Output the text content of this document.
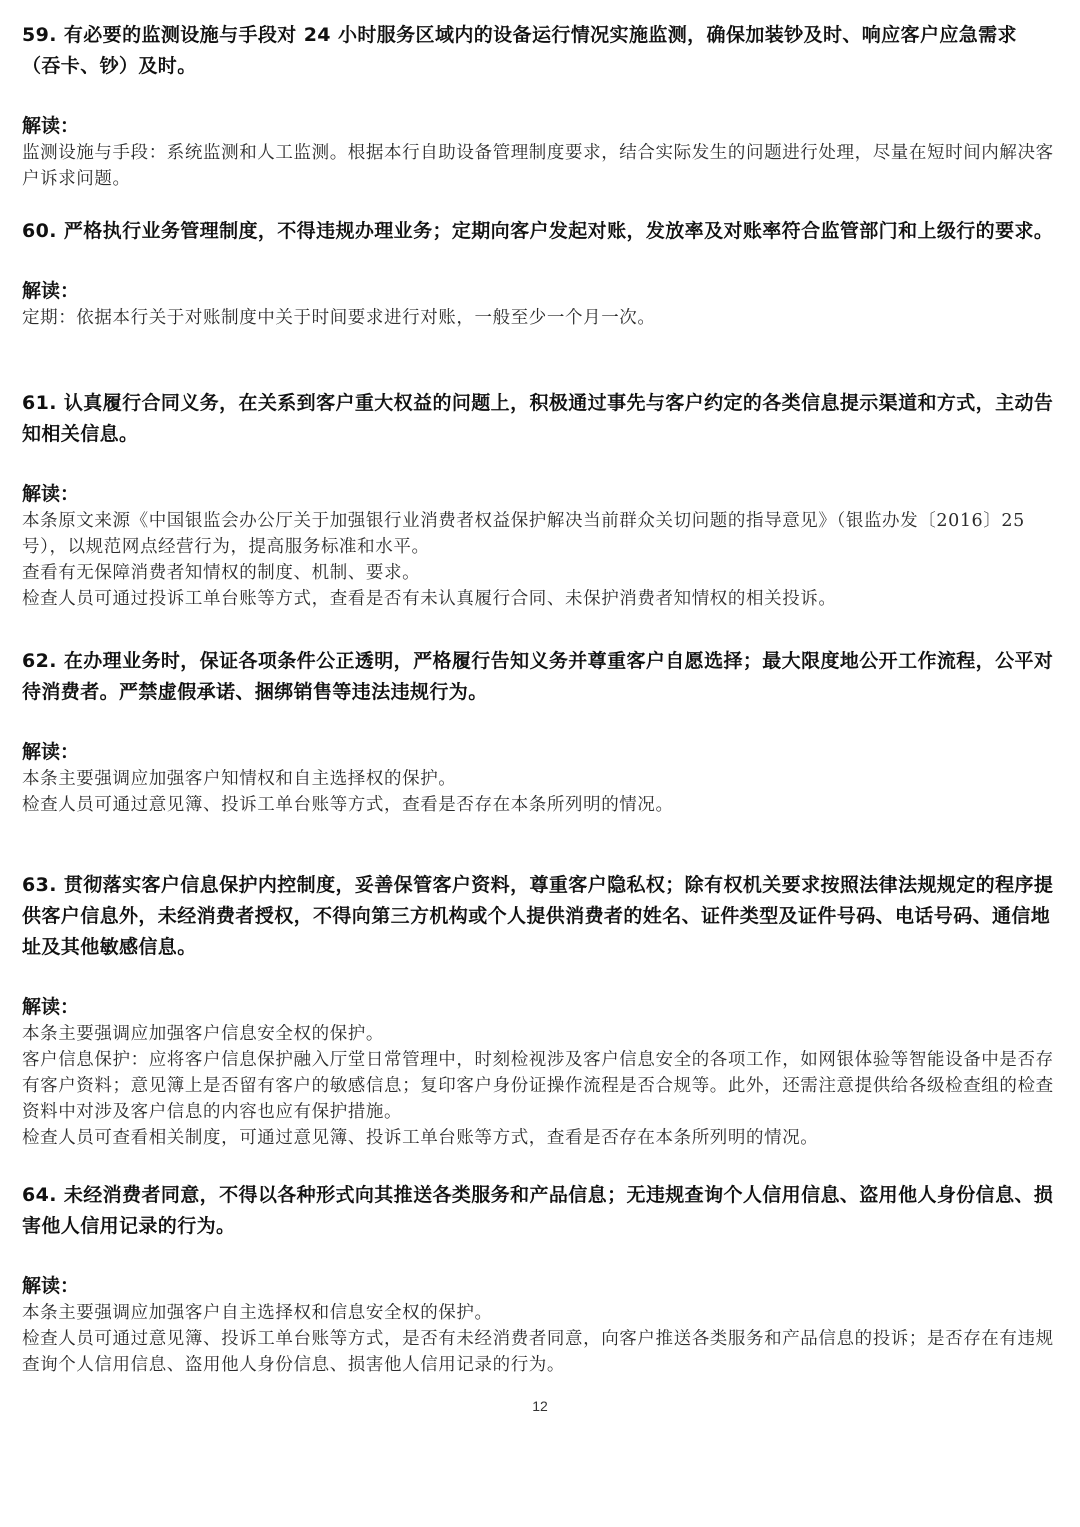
59. 有必要的监测设施与手段对 24 小时服务区域内的设备运行情况实施监测，确保加装钞及时、响应客户应急需求（吞卡、钞）及时。

解读：

监测设施与手段：系统监测和人工监测。根据本行自助设备管理制度要求，结合实际发生的问题进行处理，尽量在短时间内解决客户诉求问题。

60. 严格执行业务管理制度，不得违规办理业务；定期向客户发起对账，发放率及对账率符合监管部门和上级行的要求。

解读：

定期：依据本行关于对账制度中关于时间要求进行对账，一般至少一个月一次。

61. 认真履行合同义务，在关系到客户重大权益的问题上，积极通过事先与客户约定的各类信息提示渠道和方式，主动告知相关信息。

解读：

本条原文来源《中国银监会办公厅关于加强银行业消费者权益保护解决当前群众关切问题的指导意见》（银监办发〔2016〕25 号），以规范网点经营行为，提高服务标准和水平。

查看有无保障消费者知情权的制度、机制、要求。

检查人员可通过投诉工单台账等方式，查看是否有未认真履行合同、未保护消费者知情权的相关投诉。

62. 在办理业务时，保证各项条件公正透明，严格履行告知义务并尊重客户自愿选择；最大限度地公开工作流程，公平对待消费者。严禁虚假承诺、捆绑销售等违法违规行为。

解读：

本条主要强调应加强客户知情权和自主选择权的保护。

检查人员可通过意见簿、投诉工单台账等方式，查看是否存在本条所列明的情况。

63. 贯彻落实客户信息保护内控制度，妥善保管客户资料，尊重客户隐私权；除有权机关要求按照法律法规规定的程序提供客户信息外，未经消费者授权，不得向第三方机构或个人提供消费者的姓名、证件类型及证件号码、电话号码、通信地址及其他敏感信息。

解读：

本条主要强调应加强客户信息安全权的保护。

客户信息保护：应将客户信息保护融入厅堂日常管理中，时刻检视涉及客户信息安全的各项工作，如网银体验等智能设备中是否存有客户资料；意见簿上是否留有客户的敏感信息；复印客户身份证操作流程是否合规等。此外，还需注意提供给各级检查组的检查资料中对涉及客户信息的内容也应有保护措施。

检查人员可查看相关制度，可通过意见簿、投诉工单台账等方式，查看是否存在本条所列明的情况。

64. 未经消费者同意，不得以各种形式向其推送各类服务和产品信息；无违规查询个人信用信息、盗用他人身份信息、损害他人信用记录的行为。

解读：

本条主要强调应加强客户自主选择权和信息安全权的保护。

检查人员可通过意见簿、投诉工单台账等方式，是否有未经消费者同意，向客户推送各类服务和产品信息的投诉；是否存在有违规查询个人信用信息、盗用他人身份信息、损害他人信用记录的行为。

12
